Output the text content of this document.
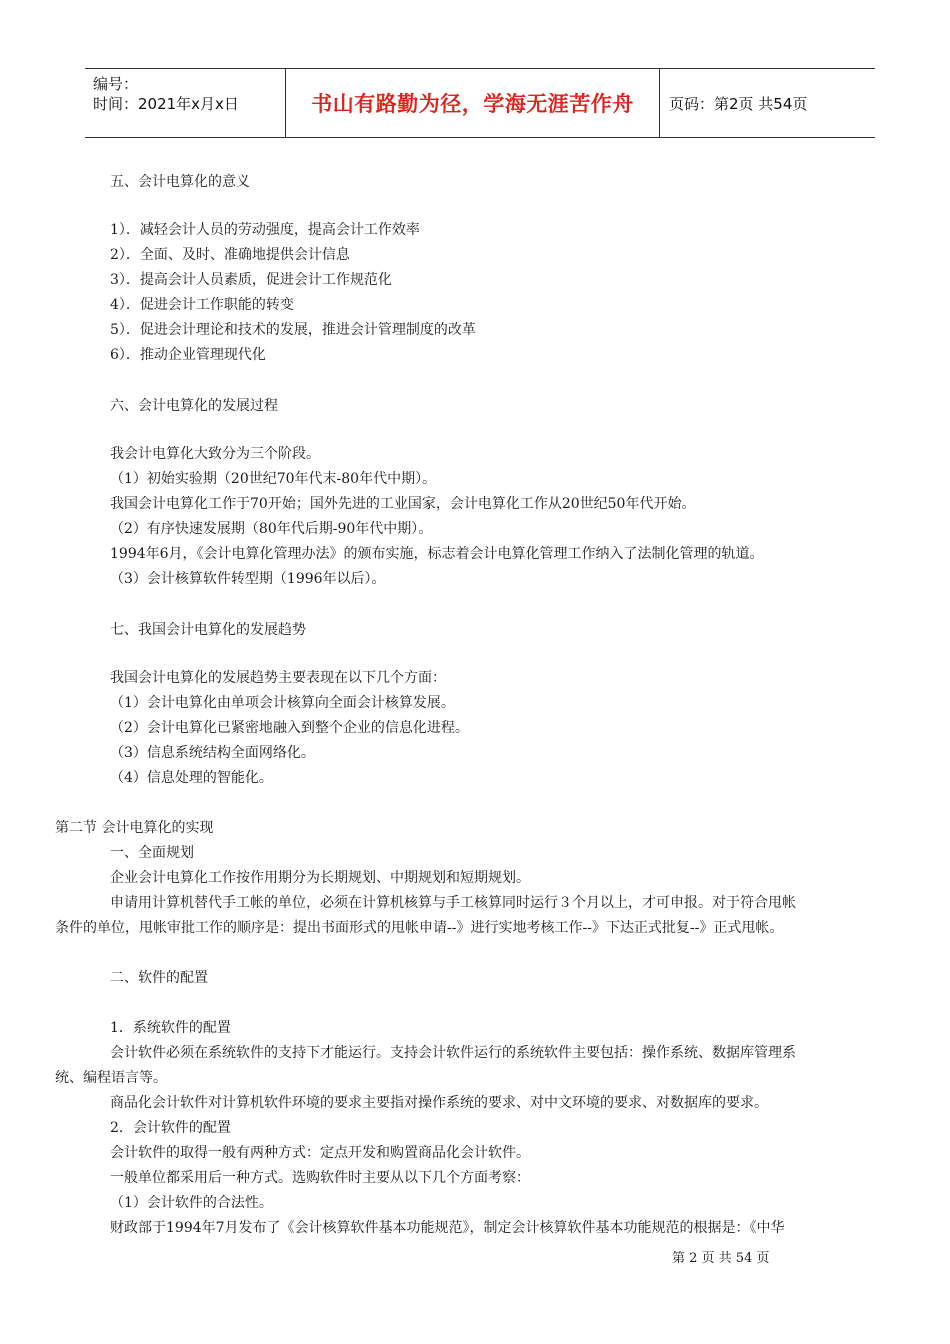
编号：
时间：2021年x月x日	书山有路勤为径，学海无涯苦作舟	页码：第2页 共54页
五、会计电算化的意义
1）．减轻会计人员的劳动强度，提高会计工作效率
2）．全面、及时、准确地提供会计信息
3）．提高会计人员素质，促进会计工作规范化
4）．促进会计工作职能的转变
5）．促进会计理论和技术的发展，推进会计管理制度的改革
6）．推动企业管理现代化
六、会计电算化的发展过程
我会计电算化大致分为三个阶段。
（1）初始实验期（20世纪70年代末-80年代中期）。
我国会计电算化工作于70开始；国外先进的工业国家，会计电算化工作从20世纪50年代开始。
（2）有序快速发展期（80年代后期-90年代中期）。
1994年6月，《会计电算化管理办法》的颁布实施，标志着会计电算化管理工作纳入了法制化管理的轨道。
（3）会计核算软件转型期（1996年以后）。
七、我国会计电算化的发展趋势
我国会计电算化的发展趋势主要表现在以下几个方面：
（1）会计电算化由单项会计核算向全面会计核算发展。
（2）会计电算化已紧密地融入到整个企业的信息化进程。
（3）信息系统结构全面网络化。
（4）信息处理的智能化。
第二节 会计电算化的实现
一、全面规划
企业会计电算化工作按作用期分为长期规划、中期规划和短期规划。
申请用计算机替代手工帐的单位，必须在计算机核算与手工核算同时运行３个月以上，才可申报。对于符合甩帐
条件的单位，甩帐审批工作的顺序是：提出书面形式的甩帐申请--》进行实地考核工作--》下达正式批复--》正式甩帐。
二、软件的配置
1．系统软件的配置
会计软件必须在系统软件的支持下才能运行。支持会计软件运行的系统软件主要包括：操作系统、数据库管理系
统、编程语言等。
商品化会计软件对计算机软件环境的要求主要指对操作系统的要求、对中文环境的要求、对数据库的要求。
2．会计软件的配置
会计软件的取得一般有两种方式：定点开发和购置商品化会计软件。
一般单位都采用后一种方式。选购软件时主要从以下几个方面考察：
（1）会计软件的合法性。
财政部于1994年7月发布了《会计核算软件基本功能规范》，制定会计核算软件基本功能规范的根据是：《中华
第 2 页 共 54 页
